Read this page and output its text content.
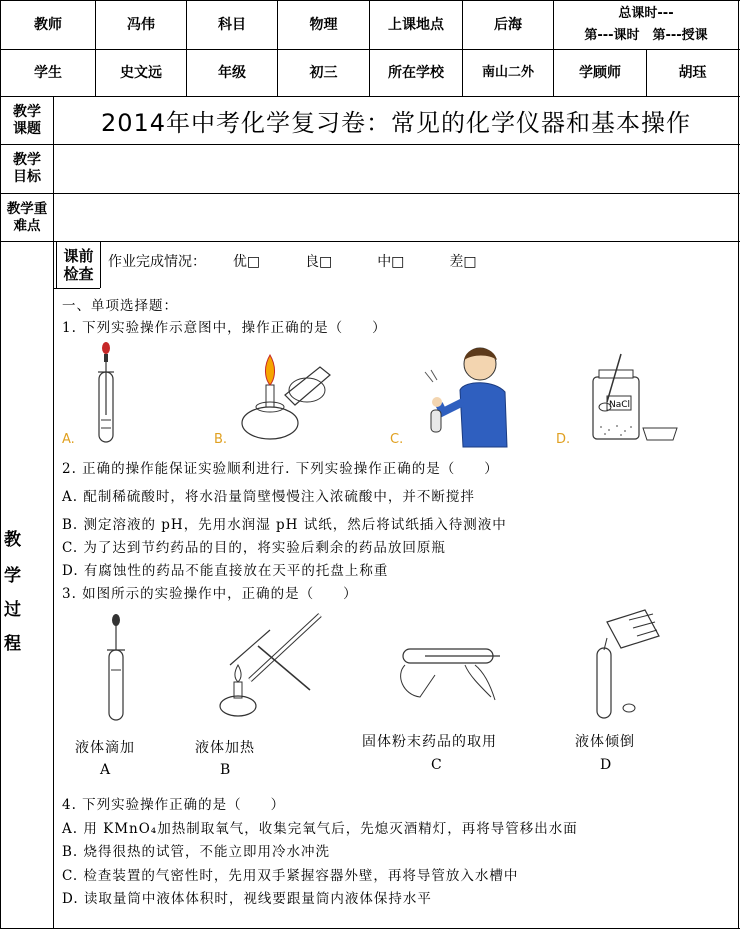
教师	冯伟	科目	物理	上课地点	后海
总课时---
第---课时　第---授课
学生	史文远	年级	初三	所在学校	南山二外	学顾师	胡珏
教学
课题	2014年中考化学复习卷：常见的化学仪器和基本操作
教学
目标
教学重
难点
教
学
过
程
课前
检查
作业完成情况： 优□	良□	中□	差□
一、单项选择题：
1. 下列实验操作示意图中，操作正确的是（　　）
A.	B.	C.
NaCl
D.
2. 正确的操作能保证实验顺利进行. 下列实验操作正确的是（　　）
A. 配制稀硫酸时，将水沿量筒壁慢慢注入浓硫酸中，并不断搅拌
B. 测定溶液的 pH，先用水润湿 pH 试纸，然后将试纸插入待测液中
C. 为了达到节约药品的目的，将实验后剩余的药品放回原瓶
D. 有腐蚀性的药品不能直接放在天平的托盘上称重
3. 如图所示的实验操作中，正确的是（　　）
液体滴加	液体加热	固体粉末药品的取用	液体倾倒
A	B	C	D
4. 下列实验操作正确的是（　　）
A. 用 KMnO₄加热制取氧气，收集完氧气后，先熄灭酒精灯，再将导管移出水面
B. 烧得很热的试管，不能立即用冷水冲洗
C. 检查装置的气密性时，先用双手紧握容器外壁，再将导管放入水槽中
D. 读取量筒中液体体积时，视线要跟量筒内液体保持水平
